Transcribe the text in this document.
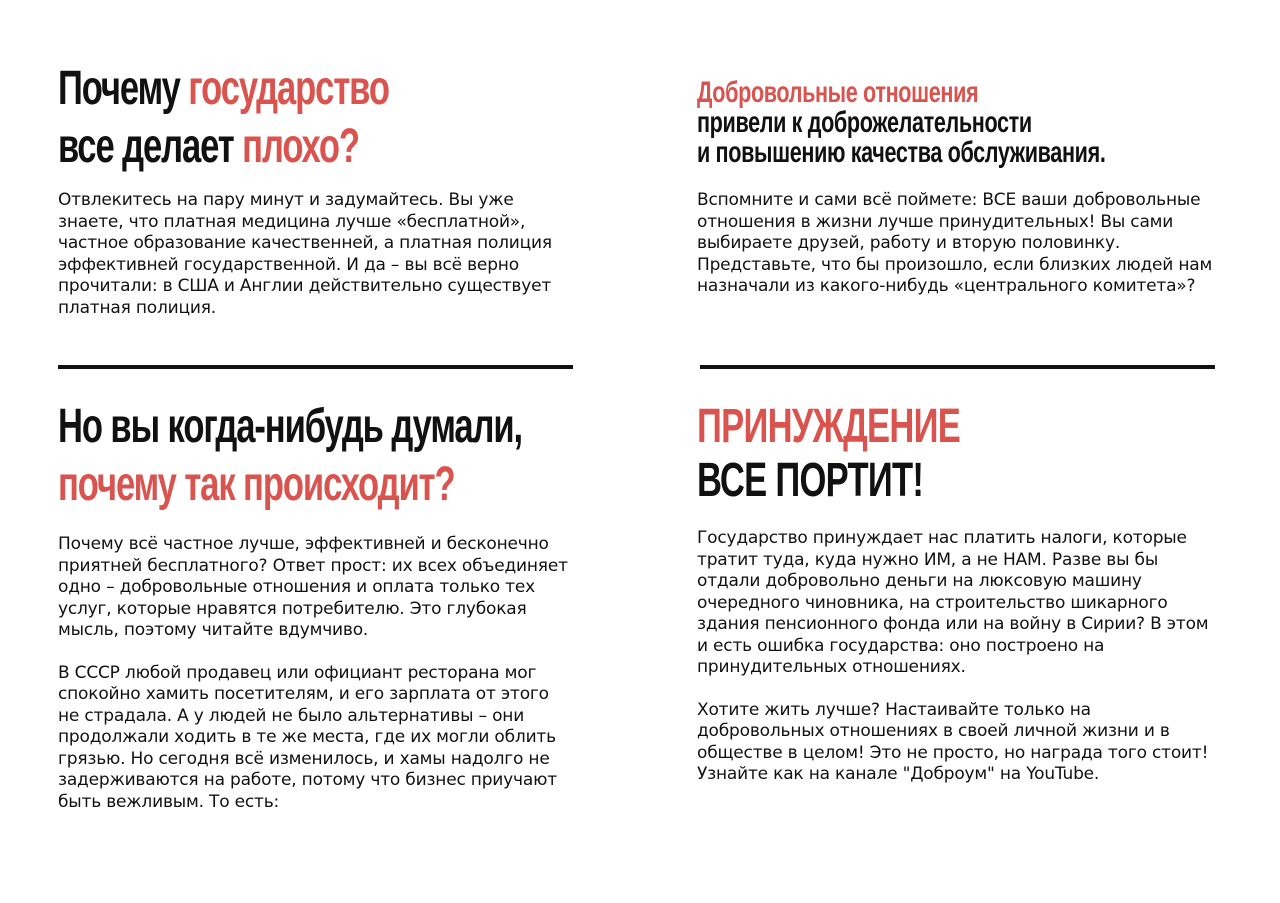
Почему государство
все делает плохо?

Отвлекитесь на пару минут и задумайтесь. Вы уже знаете, что платная медицина лучше «бесплатной», частное образование качественней, а платная полиция эффективней государственной. И да – вы всё верно прочитали: в США и Англии действительно существует платная полиция.

Добровольные отношения
привели к доброжелательности
и повышению качества обслуживания.

Вспомните и сами всё поймете: ВСЕ ваши добровольные отношения в жизни лучше принудительных! Вы сами выбираете друзей, работу и вторую половинку. Представьте, что бы произошло, если близких людей нам назначали из какого-нибудь «центрального комитета»?

Но вы когда-нибудь думали,
почему так происходит?

Почему всё частное лучше, эффективней и бесконечно приятней бесплатного? Ответ прост: их всех объединяет одно – добровольные отношения и оплата только тех услуг, которые нравятся потребителю. Это глубокая мысль, поэтому читайте вдумчиво.

В СССР любой продавец или официант ресторана мог спокойно хамить посетителям, и его зарплата от этого не страдала. А у людей не было альтернативы – они продолжали ходить в те же места, где их могли облить грязью. Но сегодня всё изменилось, и хамы надолго не задерживаются на работе, потому что бизнес приучают быть вежливым. То есть:

ПРИНУЖДЕНИЕ
ВСЕ ПОРТИТ!

Государство принуждает нас платить налоги, которые тратит туда, куда нужно ИМ, а не НАМ. Разве вы бы отдали добровольно деньги на люксовую машину очередного чиновника, на строительство шикарного здания пенсионного фонда или на войну в Сирии? В этом и есть ошибка государства: оно построено на принудительных отношениях.

Хотите жить лучше? Настаивайте только на добровольных отношениях в своей личной жизни и в обществе в целом! Это не просто, но награда того стоит! Узнайте как на канале "Доброум" на YouTube.
